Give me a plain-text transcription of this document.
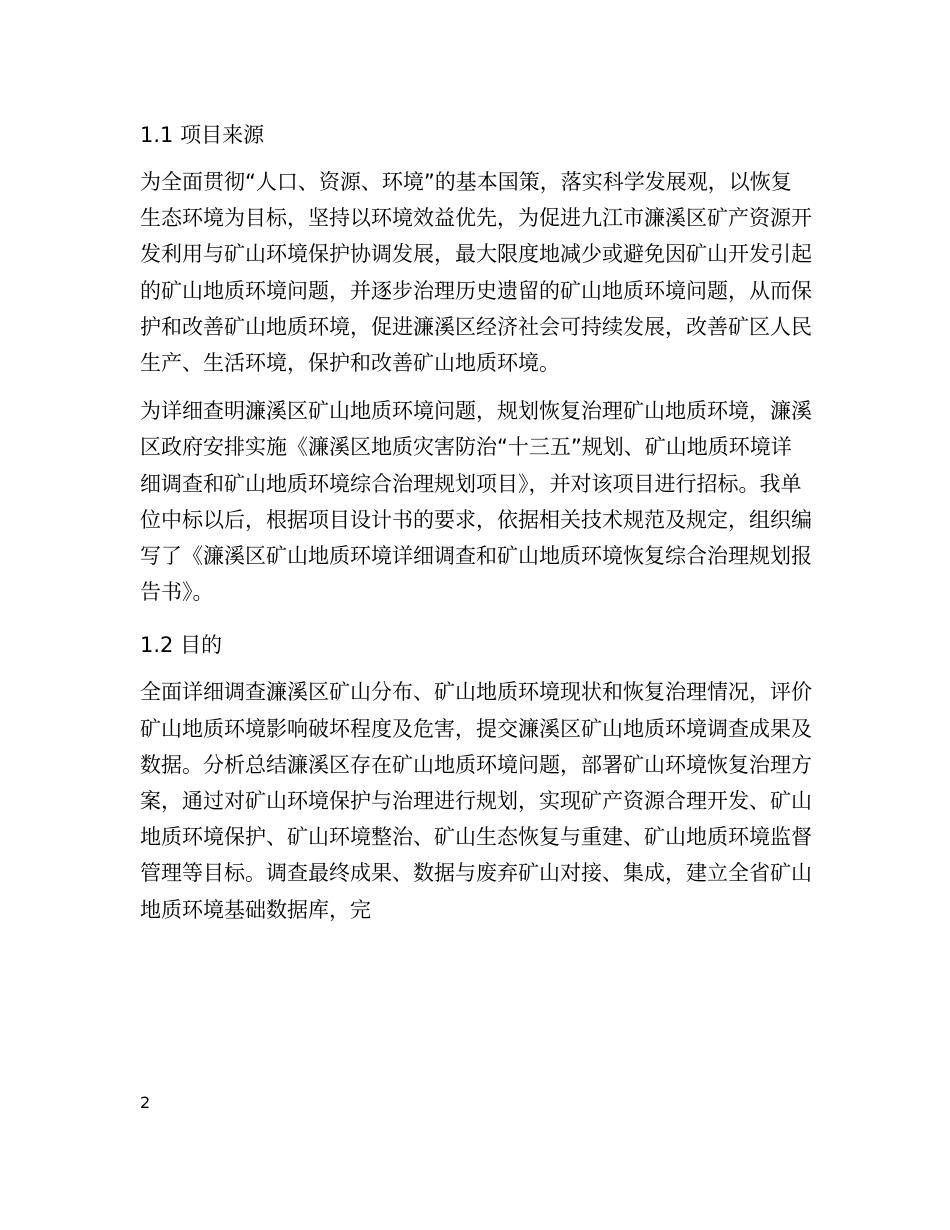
1.1 项目来源

为全面贯彻“人口、资源、环境”的基本国策，落实科学发展观，以恢复生态环境为目标，坚持以环境效益优先，为促进九江市濂溪区矿产资源开发利用与矿山环境保护协调发展，最大限度地减少或避免因矿山开发引起的矿山地质环境问题，并逐步治理历史遗留的矿山地质环境问题，从而保护和改善矿山地质环境，促进濂溪区经济社会可持续发展，改善矿区人民生产、生活环境，保护和改善矿山地质环境。

为详细查明濂溪区矿山地质环境问题，规划恢复治理矿山地质环境，濂溪区政府安排实施《濂溪区地质灾害防治“十三五”规划、矿山地质环境详细调查和矿山地质环境综合治理规划项目》，并对该项目进行招标。我单位中标以后，根据项目设计书的要求，依据相关技术规范及规定，组织编写了《濂溪区矿山地质环境详细调查和矿山地质环境恢复综合治理规划报告书》。

1.2 目的

全面详细调查濂溪区矿山分布、矿山地质环境现状和恢复治理情况，评价矿山地质环境影响破坏程度及危害，提交濂溪区矿山地质环境调查成果及数据。分析总结濂溪区存在矿山地质环境问题，部署矿山环境恢复治理方案，通过对矿山环境保护与治理进行规划，实现矿产资源合理开发、矿山地质环境保护、矿山环境整治、矿山生态恢复与重建、矿山地质环境监督管理等目标。调查最终成果、数据与废弃矿山对接、集成，建立全省矿山地质环境基础数据库，完

2
